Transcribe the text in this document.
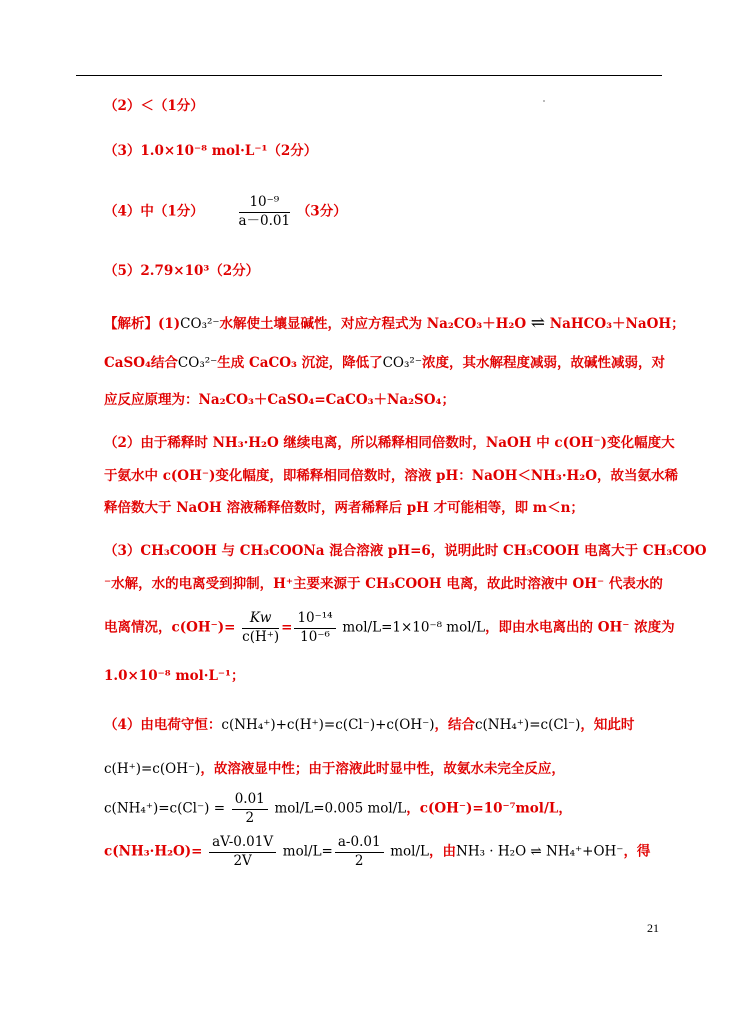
（2）＜（1分）
（3）1.0×10⁻⁸ mol·L⁻¹（2分）
（4）中（1分）	$\frac{\text{10⁻⁹}}{a-0.01} (3$分）
（5）2.79×10³（2分）
【解析】(1)CO₃²⁻水解使土壤显碱性，对应方程式为 Na₂CO₃＋H₂O ⇌ NaHCO₃＋NaOH；
CaSO₄结合CO₃²⁻生成 CaCO₃ 沉淀，降低了CO₃²⁻浓度，其水解程度减弱，故碱性减弱，对
应反应原理为：Na₂CO₃＋CaSO₄=CaCO₃＋Na₂SO₄；
（2）由于稀释时 NH₃·H₂O 继续电离，所以稀释相同倍数时，NaOH 中 c(OH⁻)变化幅度大
于氨水中 c(OH⁻)变化幅度，即稀释相同倍数时，溶液 pH：NaOH＜NH₃·H₂O，故当氨水稀
释倍数大于 NaOH 溶液稀释倍数时，两者稀释后 pH 才可能相等，即 m＜n；
（3）CH₃COOH 与 CH₃COONa 混合溶液 pH=6，说明此时 CH₃COOH 电离大于 CH₃COO
⁻水解，水的电离受到抑制，H⁺主要来源于 CH₃COOH 电离，故此时溶液中 OH⁻ 代表水的
电离情况，$c(OH^-)= \frac{Kw}{c(H^+)} = \frac{\text{10⁻¹⁴}}{\text{10⁻⁶}} mol/L=1\times 10^{-8}$ mol/L，即由水电离出的 OH⁻ 浓度为
1.0×10⁻⁸ mol·L⁻¹；
（4）由电荷守恒：c(NH₄⁺)+c(H⁺)=c(Cl⁻)+c(OH⁻)，结合c(NH₄⁺)=c(Cl⁻)，知此时
c(H⁺)=c(OH⁻)，故溶液显中性；由于溶液此时显中性，故氨水未完全反应，
$c(NH_4^+)=c(Cl^-) = \frac{0.01}{2} mol/L=0.005$ mol/L，c(OH⁻)=10⁻⁷mol/L，
$c(NH_3\cdot H_2O)= \frac{aV-0.01V}{2V} mol/L= \frac{a-0.01}{2} mol/L$，由NH₃ · H₂O ⇌ NH₄⁺+OH⁻，得
21
